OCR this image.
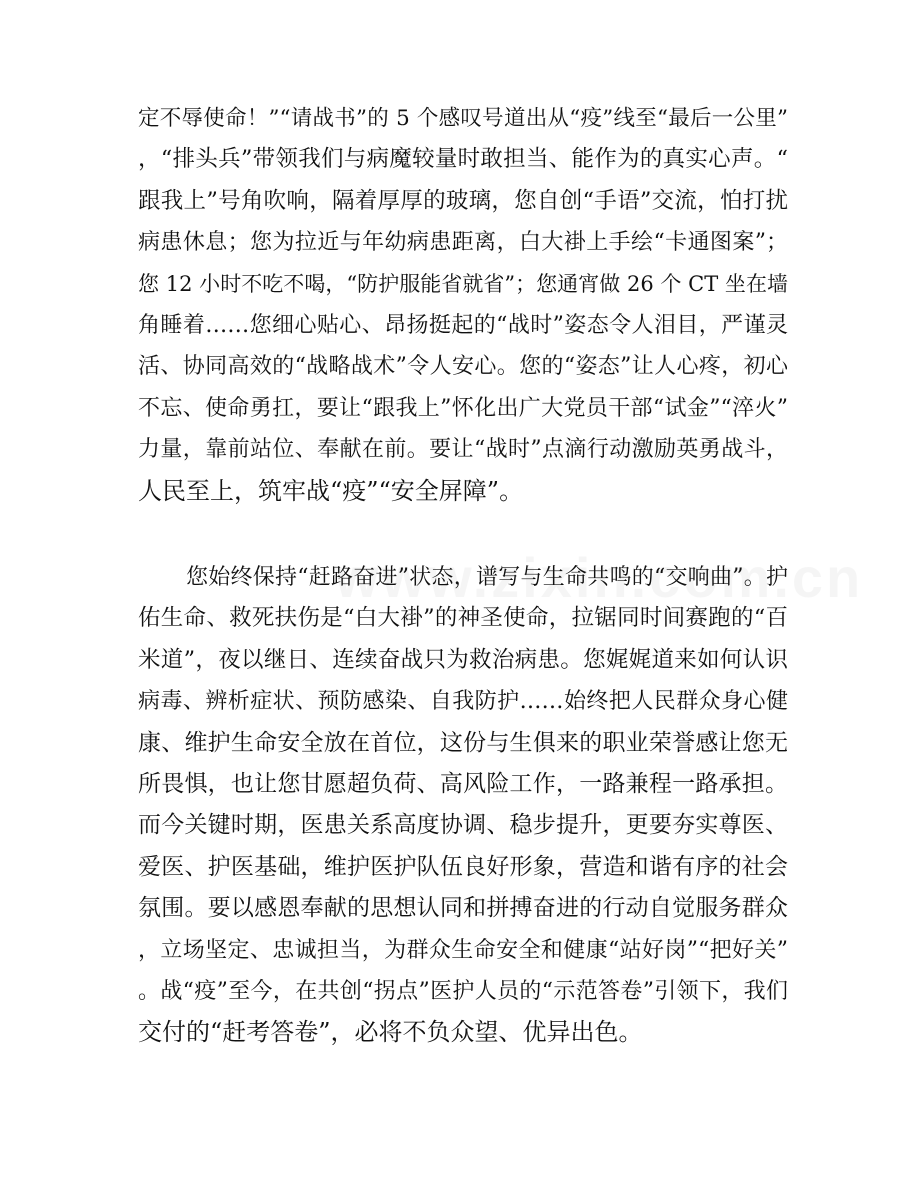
定不辱使命！”“请战书”的 5 个感叹号道出从“疫”线至“最后一公里”
，“排头兵”带领我们与病魔较量时敢担当、能作为的真实心声。“
跟我上”号角吹响，隔着厚厚的玻璃，您自创“手语”交流，怕打扰
病患休息；您为拉近与年幼病患距离，白大褂上手绘“卡通图案”；
您 12 小时不吃不喝，“防护服能省就省”；您通宵做 26 个 CT 坐在墙
角睡着……您细心贴心、昂扬挺起的“战时”姿态令人泪目，严谨灵
活、协同高效的“战略战术”令人安心。您的“姿态”让人心疼，初心
不忘、使命勇扛，要让“跟我上”怀化出广大党员干部“试金”“淬火”
力量，靠前站位、奉献在前。要让“战时”点滴行动激励英勇战斗，
人民至上，筑牢战“疫”“安全屏障”。
您始终保持“赶路奋进”状态，谱写与生命共鸣的“交响曲”。护
佑生命、救死扶伤是“白大褂”的神圣使命，拉锯同时间赛跑的“百
米道”，夜以继日、连续奋战只为救治病患。您娓娓道来如何认识
病毒、辨析症状、预防感染、自我防护……始终把人民群众身心健
康、维护生命安全放在首位，这份与生俱来的职业荣誉感让您无
所畏惧，也让您甘愿超负荷、高风险工作，一路兼程一路承担。
而今关键时期，医患关系高度协调、稳步提升，更要夯实尊医、
爱医、护医基础，维护医护队伍良好形象，营造和谐有序的社会
氛围。要以感恩奉献的思想认同和拼搏奋进的行动自觉服务群众
，立场坚定、忠诚担当，为群众生命安全和健康“站好岗”“把好关”
。战“疫”至今，在共创“拐点”医护人员的“示范答卷”引领下，我们
交付的“赶考答卷”，必将不负众望、优异出色。
